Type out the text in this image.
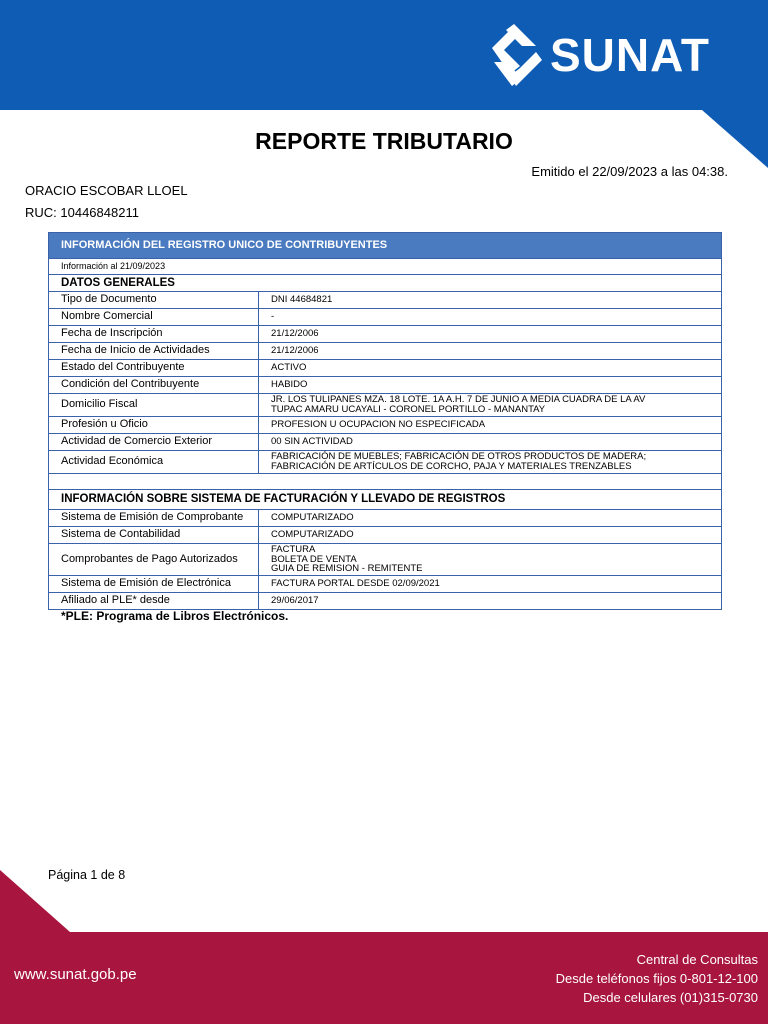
SUNAT
REPORTE TRIBUTARIO
Emitido el 22/09/2023 a las 04:38.
ORACIO ESCOBAR LLOEL
RUC: 10446848211
INFORMACIÓN DEL REGISTRO UNICO DE CONTRIBUYENTES	
Información al 21/09/2023	
DATOS GENERALES	
Tipo de Documento	DNI 44684821
Nombre Comercial	-
Fecha de Inscripción	21/12/2006
Fecha de Inicio de Actividades	21/12/2006
Estado del Contribuyente	ACTIVO
Condición del Contribuyente	HABIDO
Domicilio Fiscal	JR. LOS TULIPANES MZA. 18 LOTE. 1A A.H. 7 DE JUNIO A MEDIA CUADRA DE LA AV
TUPAC AMARU UCAYALI - CORONEL PORTILLO - MANANTAY

Profesión u Oficio	PROFESION U OCUPACION NO ESPECIFICADA
Actividad de Comercio Exterior	00 SIN ACTIVIDAD
Actividad Económica	FABRICACIÓN DE MUEBLES; FABRICACIÓN DE OTROS PRODUCTOS DE MADERA;
FABRICACIÓN DE ARTÍCULOS DE CORCHO, PAJA Y MATERIALES TRENZABLES

INFORMACIÓN SOBRE SISTEMA DE FACTURACIÓN Y LLEVADO DE REGISTROS	
Sistema de Emisión de Comprobante	COMPUTARIZADO
Sistema de Contabilidad	COMPUTARIZADO
Comprobantes de Pago Autorizados	FACTURA
BOLETA DE VENTA
GUIA DE REMISION - REMITENTE

Sistema de Emisión de Electrónica	FACTURA PORTAL DESDE 02/09/2021
Afiliado al PLE* desde	29/06/2017
*PLE: Programa de Libros Electrónicos.
Página 1 de 8
www.sunat.gob.pe
Central de Consultas
Desde teléfonos fijos 0-801-12-100
Desde celulares (01)315-0730
